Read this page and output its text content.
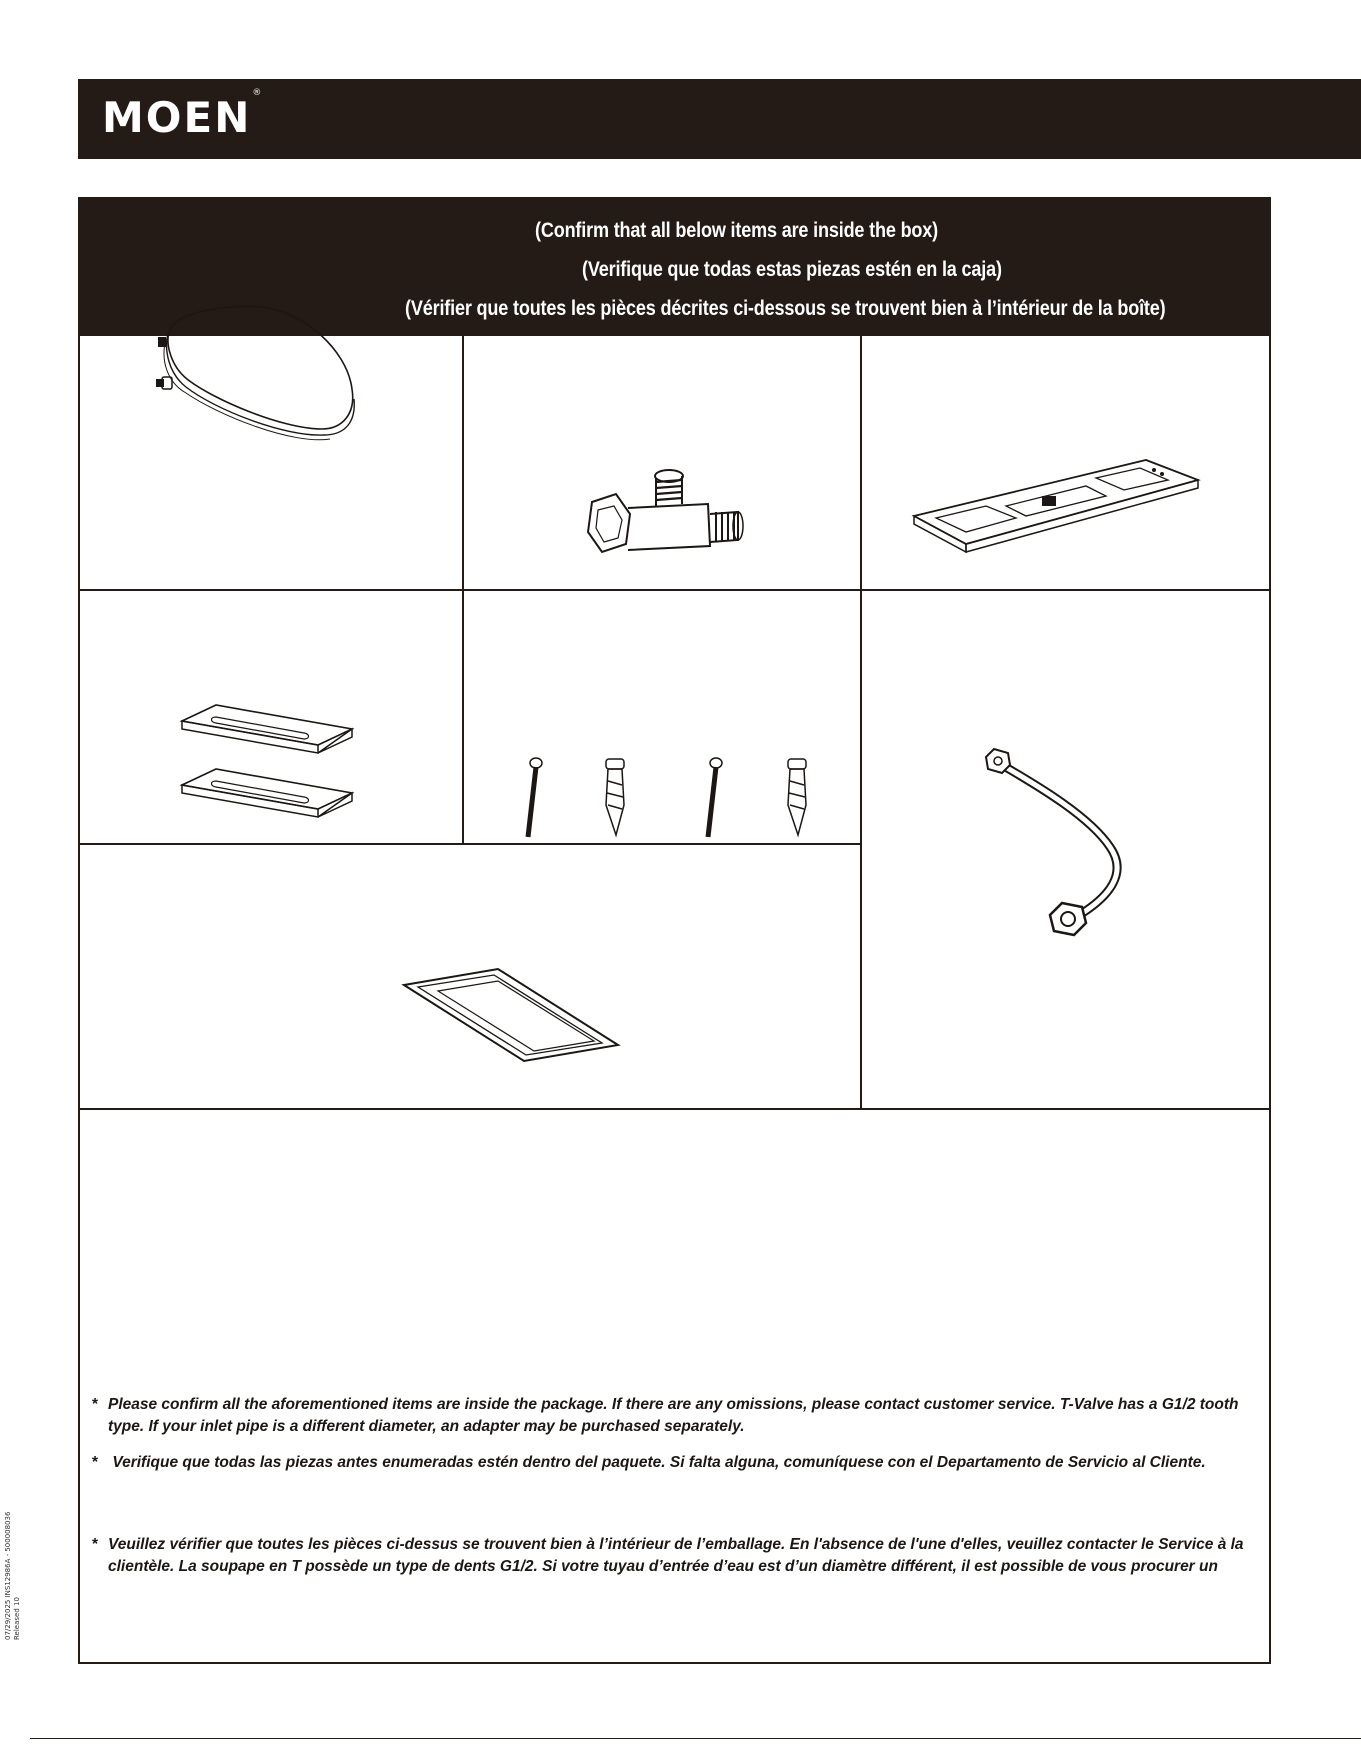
MOEN®
(Confirm that all below items are inside the box)
(Verifique que todas estas piezas estén en la caja)
(Vérifier que toutes les pièces décrites ci-dessous se trouvent bien à l’intérieur de la boîte)
* Please confirm all the aforementioned items are inside the package. If there are any omissions, please contact customer service. T-Valve has a G1/2 tooth
type. If your inlet pipe is a different diameter, an adapter may be purchased separately.
* Verifique que todas las piezas antes enumeradas estén dentro del paquete. Si falta alguna, comuníquese con el Departamento de Servicio al Cliente.
* Veuillez vérifier que toutes les pièces ci-dessus se trouvent bien à l’intérieur de l’emballage. En l'absence de l'une d'elles, veuillez contacter le Service à la
clientèle. La soupape en T possède un type de dents G1/2. Si votre tuyau d’entrée d’eau est d’un diamètre différent, il est possible de vous procurer un
07/29/2025 INS12986A - 500008036 Released 10
